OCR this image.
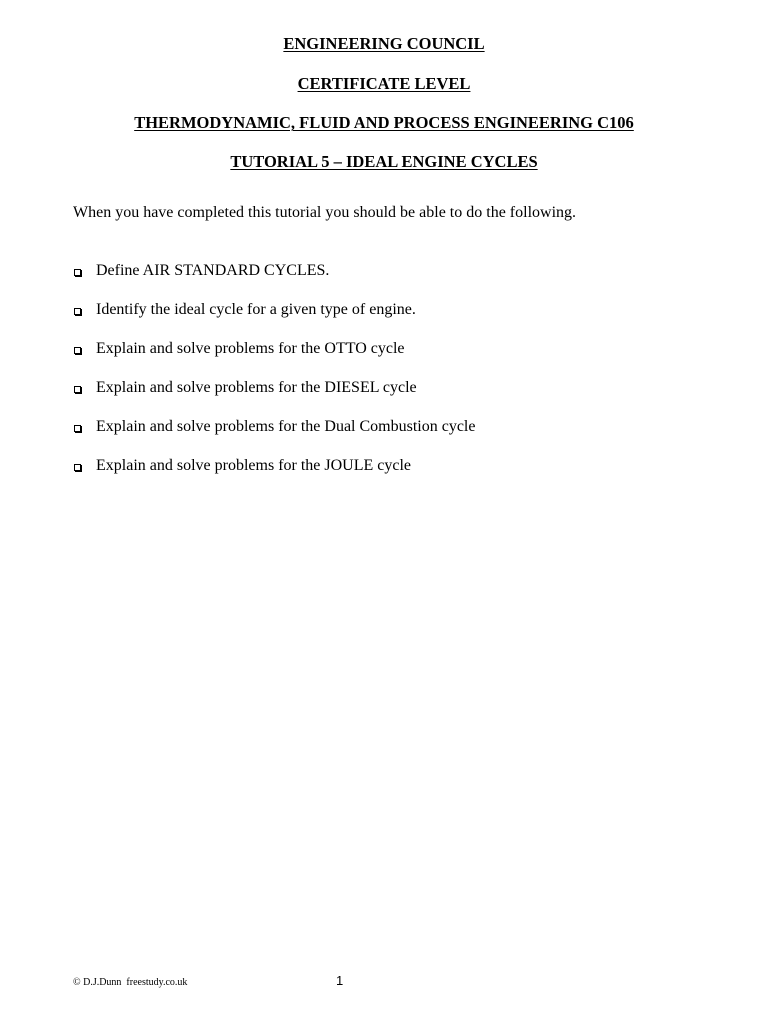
ENGINEERING COUNCIL
CERTIFICATE LEVEL
THERMODYNAMIC, FLUID AND PROCESS ENGINEERING C106
TUTORIAL 5 – IDEAL ENGINE CYCLES
When you have completed this tutorial you should be able to do the following.
Define AIR STANDARD CYCLES.
Identify the ideal cycle for a given type of engine.
Explain and solve problems for the OTTO cycle
Explain and solve problems for the DIESEL cycle
Explain and solve problems for the Dual Combustion cycle
Explain and solve problems for the JOULE cycle
© D.J.Dunn  freestudy.co.uk	1
